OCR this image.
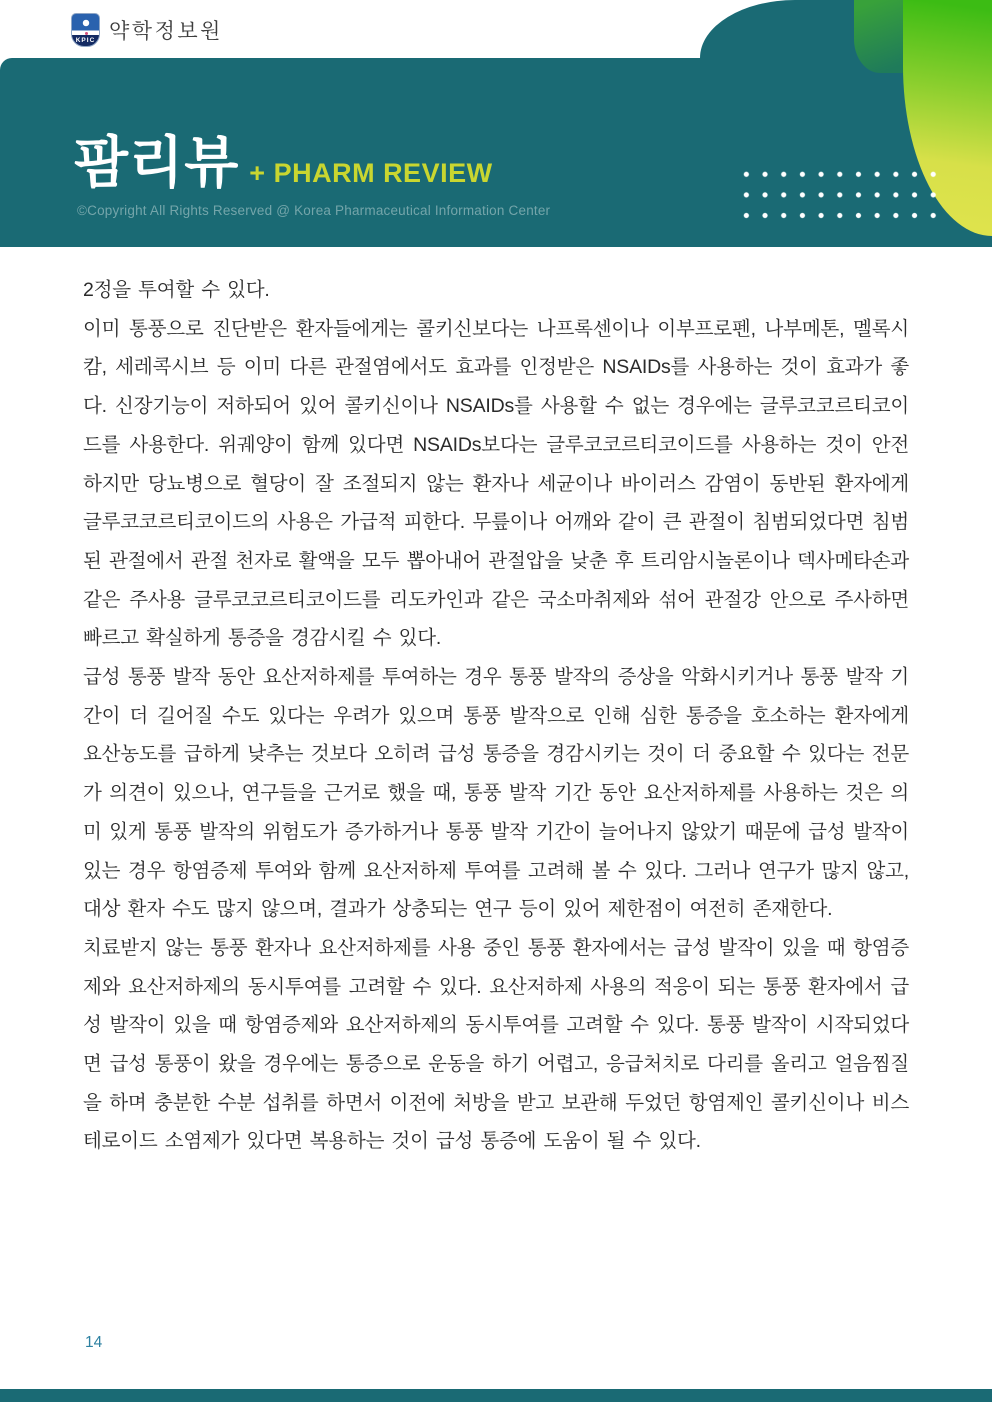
KPIC 약학정보원
팜리뷰 + PHARM REVIEW
©Copyright All Rights Reserved @ Korea Pharmaceutical Information Center

2정을 투여할 수 있다.

이미 통풍으로 진단받은 환자들에게는 콜키신보다는 나프록센이나 이부프로펜, 나부메톤, 멜록시캄, 세레콕시브 등 이미 다른 관절염에서도 효과를 인정받은 NSAIDs를 사용하는 것이 효과가 좋다. 신장기능이 저하되어 있어 콜키신이나 NSAIDs를 사용할 수 없는 경우에는 글루코코르티코이드를 사용한다. 위궤양이 함께 있다면 NSAIDs보다는 글루코코르티코이드를 사용하는 것이 안전하지만 당뇨병으로 혈당이 잘 조절되지 않는 환자나 세균이나 바이러스 감염이 동반된 환자에게 글루코코르티코이드의 사용은 가급적 피한다. 무릎이나 어깨와 같이 큰 관절이 침범되었다면 침범된 관절에서 관절 천자로 활액을 모두 뽑아내어 관절압을 낮춘 후 트리암시놀론이나 덱사메타손과 같은 주사용 글루코코르티코이드를 리도카인과 같은 국소마취제와 섞어 관절강 안으로 주사하면 빠르고 확실하게 통증을 경감시킬 수 있다.

급성 통풍 발작 동안 요산저하제를 투여하는 경우 통풍 발작의 증상을 악화시키거나 통풍 발작 기간이 더 길어질 수도 있다는 우려가 있으며 통풍 발작으로 인해 심한 통증을 호소하는 환자에게 요산농도를 급하게 낮추는 것보다 오히려 급성 통증을 경감시키는 것이 더 중요할 수 있다는 전문가 의견이 있으나, 연구들을 근거로 했을 때, 통풍 발작 기간 동안 요산저하제를 사용하는 것은 의미 있게 통풍 발작의 위험도가 증가하거나 통풍 발작 기간이 늘어나지 않았기 때문에 급성 발작이 있는 경우 항염증제 투여와 함께 요산저하제 투여를 고려해 볼 수 있다. 그러나 연구가 많지 않고, 대상 환자 수도 많지 않으며, 결과가 상충되는 연구 등이 있어 제한점이 여전히 존재한다.

치료받지 않는 통풍 환자나 요산저하제를 사용 중인 통풍 환자에서는 급성 발작이 있을 때 항염증제와 요산저하제의 동시투여를 고려할 수 있다. 요산저하제 사용의 적응이 되는 통풍 환자에서 급성 발작이 있을 때 항염증제와 요산저하제의 동시투여를 고려할 수 있다. 통풍 발작이 시작되었다면 급성 통풍이 왔을 경우에는 통증으로 운동을 하기 어렵고, 응급처치로 다리를 올리고 얼음찜질을 하며 충분한 수분 섭취를 하면서 이전에 처방을 받고 보관해 두었던 항염제인 콜키신이나 비스테로이드 소염제가 있다면 복용하는 것이 급성 통증에 도움이 될 수 있다.

14
